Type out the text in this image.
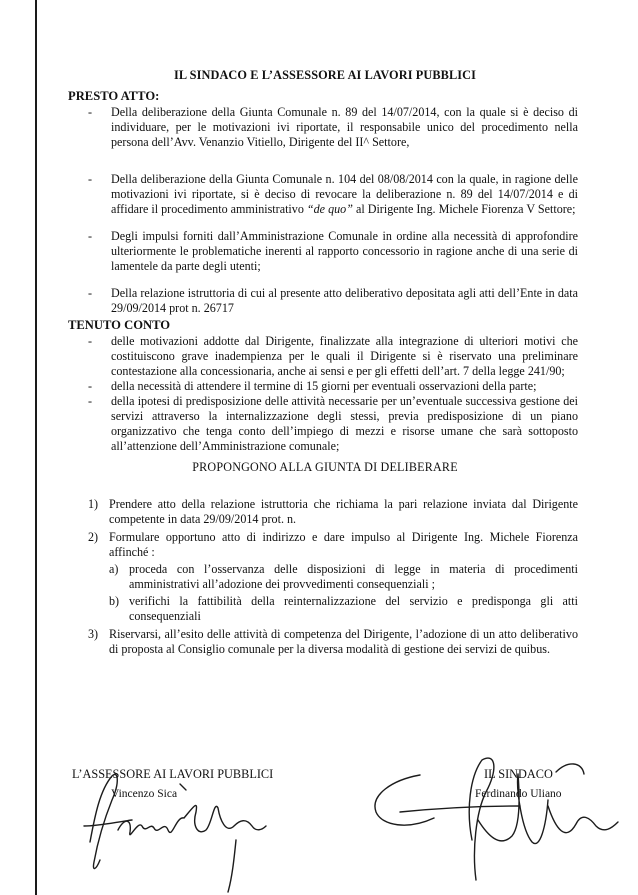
IL SINDACO E L’ASSESSORE AI LAVORI PUBBLICI
PRESTO ATTO:
- Della deliberazione della Giunta Comunale n. 89 del 14/07/2014, con la quale si è deciso di individuare, per le motivazioni ivi riportate, il responsabile unico del procedimento nella persona dell’Avv. Venanzio Vitiello, Dirigente del II^ Settore,
- Della deliberazione della Giunta Comunale n. 104 del 08/08/2014 con la quale, in ragione delle motivazioni ivi riportate, si è deciso di revocare la deliberazione n. 89 del 14/07/2014 e di affidare il procedimento amministrativo “de quo” al Dirigente Ing. Michele Fiorenza V Settore;
- Degli impulsi forniti dall’Amministrazione Comunale in ordine alla necessità di approfondire ulteriormente le problematiche inerenti al rapporto concessorio in ragione anche di una serie di lamentele da parte degli utenti;
- Della relazione istruttoria di cui al presente atto deliberativo depositata agli atti dell’Ente in data 29/09/2014 prot n. 26717
TENUTO CONTO
- delle motivazioni addotte dal Dirigente, finalizzate alla integrazione di ulteriori motivi che costituiscono grave inadempienza per le quali il Dirigente si è riservato una preliminare contestazione alla concessionaria, anche ai sensi e per gli effetti dell’art. 7 della legge 241/90;
- della necessità di attendere il termine di 15 giorni per eventuali osservazioni della parte;
- della ipotesi di predisposizione delle attività necessarie per un’eventuale successiva gestione dei servizi attraverso la internalizzazione degli stessi, previa predisposizione di un piano organizzativo che tenga conto dell’impiego di mezzi e risorse umane che sarà sottoposto all’attenzione dell’Amministrazione comunale;
PROPONGONO ALLA GIUNTA DI DELIBERARE
1) Prendere atto della relazione istruttoria che richiama la pari relazione inviata dal Dirigente competente in data 29/09/2014 prot. n.
2) Formulare opportuno atto di indirizzo e dare impulso al Dirigente Ing. Michele Fiorenza affinché :
a) proceda con l’osservanza delle disposizioni di legge in materia di procedimenti amministrativi all’adozione dei provvedimenti consequenziali ;
b) verifichi la fattibilità della reinternalizzazione del servizio e predisponga gli atti consequenziali
3) Riservarsi, all’esito delle attività di competenza del Dirigente, l’adozione di un atto deliberativo di proposta al Consiglio comunale per la diversa modalità di gestione dei servizi de quibus.
L’ASSESSORE AI LAVORI PUBBLICI
Vincenzo Sica
IL SINDACO
Ferdinando Uliano
